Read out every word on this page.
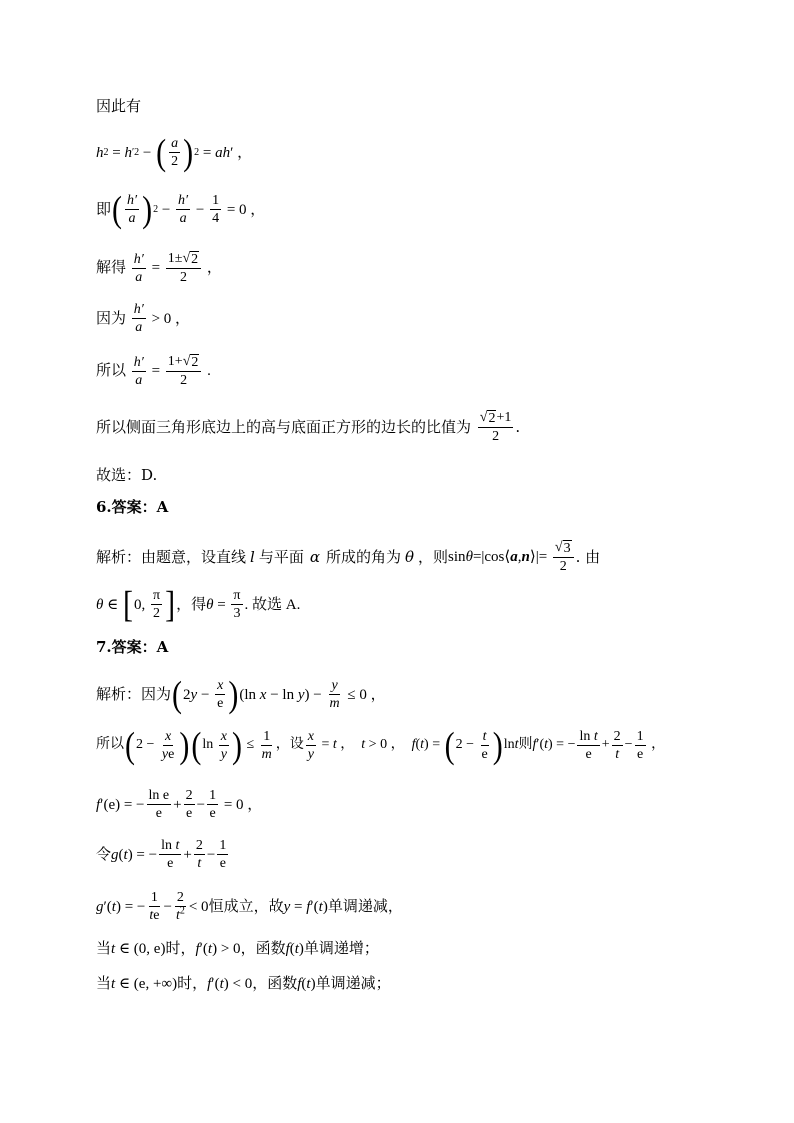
因此有
h 2 = h ′2 − ( $\frac{a}{2}$ ) 2 = ah ′ ，
即 ( $\frac{h'}{a}$ ) $2 - \frac{h'}{a} - \frac{1}{4} = 0$ ，
解得
$\frac{h'}{a} = \frac{1\pm √ 2}{2}$ ，
因为
$\frac{h'}{a} > 0$ ，
所以
$\frac{h'}{a} = \frac{1+ √ 2}{2}$ .
所以侧面三角形底边上的高与底面正方形的边长的比值为
$\frac{√ 2 +1}{2}$ .
故选：D.
6.答案：A
解析：由题意，设直线 l 与平面 α 所成的角为 θ ，则 sinθ=|cos⟨a,n⟩|= $\frac{√ 3}{2}$ . 由
θ ∈ [ 0, $\frac{\pi}{2}$ ] ，得 $\theta = \frac{\pi}{3}$ . 故选 A.
7.答案：A
解析：因为 ( 2 $y - \frac{x}{e}$ ) (ln x − ln y ) − $\frac{y}{m} \le 0$ ，
所以 ( $2 - \frac{x}{ye}$ ) ( $\ln \frac{x}{y}$ ) ≤ $\frac{1}{m}$ ，设 $\frac{x}{y} = t$ ， t > 0 ， f ( t ) = ( $2 - \frac{t}{e}$ ) ln t 则 f ′( t ) = − $\frac{\text{ln t}}{e} + \frac{2}{t} - \frac{1}{e}$ ，
f ′(e) = − $\frac{\text{ln e}}{e} + \frac{2}{e} - \frac{1}{e} = 0$ ，
令 g ( t ) = − $\frac{\text{ln t}}{e} + \frac{2}{t} - \frac{1}{e}$
g ′( t ) = − $\frac{1}{te} - \frac{2}{t^2} < 0$ 恒成立，故 y = f ′( t ) 单调递减，
当 t ∈ (0, e) 时， f ′( t ) > 0 ，函数 f ( t ) 单调递增；
当 t ∈ (e, +∞) 时， f ′( t ) < 0 ，函数 f ( t ) 单调递减；
